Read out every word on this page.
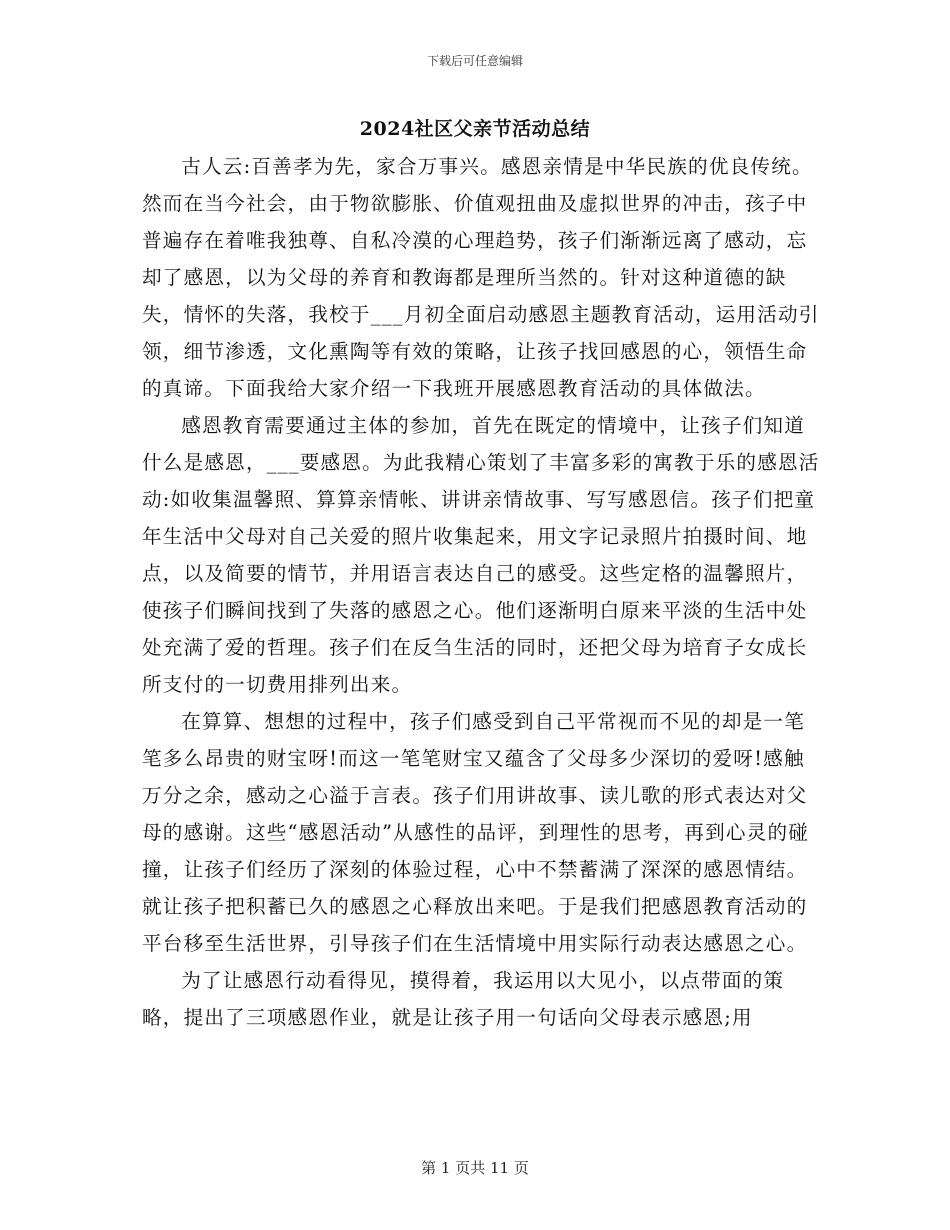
下载后可任意编辑
2024社区父亲节活动总结

古人云:百善孝为先，家合万事兴。感恩亲情是中华民族的优良传统。然而在当今社会，由于物欲膨胀、价值观扭曲及虚拟世界的冲击，孩子中普遍存在着唯我独尊、自私冷漠的心理趋势，孩子们渐渐远离了感动，忘却了感恩，以为父母的养育和教诲都是理所当然的。针对这种道德的缺失，情怀的失落，我校于___月初全面启动感恩主题教育活动，运用活动引领，细节渗透，文化熏陶等有效的策略，让孩子找回感恩的心，领悟生命的真谛。下面我给大家介绍一下我班开展感恩教育活动的具体做法。

感恩教育需要通过主体的参加，首先在既定的情境中，让孩子们知道什么是感恩，___要感恩。为此我精心策划了丰富多彩的寓教于乐的感恩活动:如收集温馨照、算算亲情帐、讲讲亲情故事、写写感恩信。孩子们把童年生活中父母对自己关爱的照片收集起来，用文字记录照片拍摄时间、地点，以及简要的情节，并用语言表达自己的感受。这些定格的温馨照片，使孩子们瞬间找到了失落的感恩之心。他们逐渐明白原来平淡的生活中处处充满了爱的哲理。孩子们在反刍生活的同时，还把父母为培育子女成长所支付的一切费用排列出来。

在算算、想想的过程中，孩子们感受到自己平常视而不见的却是一笔笔多么昂贵的财宝呀!而这一笔笔财宝又蕴含了父母多少深切的爱呀!感触万分之余，感动之心溢于言表。孩子们用讲故事、读儿歌的形式表达对父母的感谢。这些“感恩活动”从感性的品评，到理性的思考，再到心灵的碰撞，让孩子们经历了深刻的体验过程，心中不禁蓄满了深深的感恩情结。就让孩子把积蓄已久的感恩之心释放出来吧。于是我们把感恩教育活动的平台移至生活世界，引导孩子们在生活情境中用实际行动表达感恩之心。

为了让感恩行动看得见，摸得着，我运用以大见小，以点带面的策略，提出了三项感恩作业，就是让孩子用一句话向父母表示感恩;用

第 1 页共 11 页
